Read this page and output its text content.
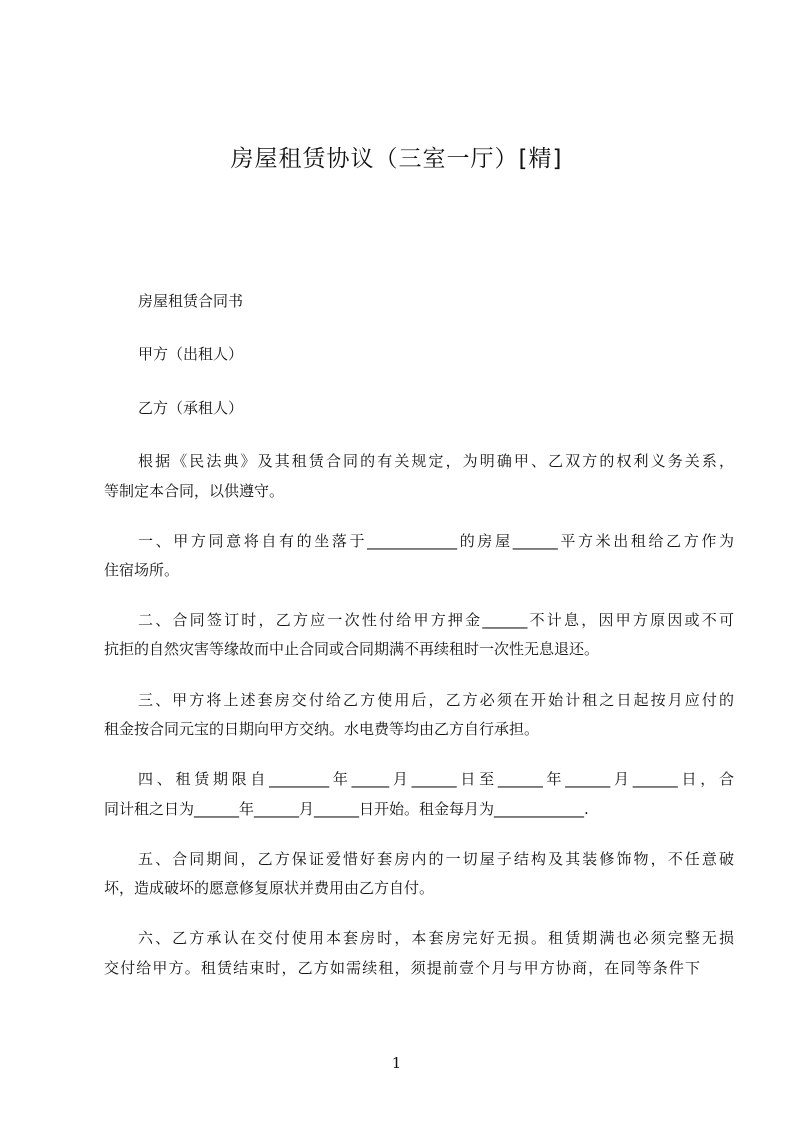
房屋租赁协议（三室一厅）[精]
房屋租赁合同书
甲方（出租人）
乙方（承租人）
根据《民法典》及其租赁合同的有关规定，为明确甲、乙双方的权利义务关系，
等制定本合同，以供遵守。
一、甲方同意将自有的坐落于____________的房屋______平方米出租给乙方作为
住宿场所。
二、合同签订时，乙方应一次性付给甲方押金______不计息，因甲方原因或不可
抗拒的自然灾害等缘故而中止合同或合同期满不再续租时一次性无息退还。
三、甲方将上述套房交付给乙方使用后，乙方必须在开始计租之日起按月应付的
租金按合同元宝的日期向甲方交纳。水电费等均由乙方自行承担。
四、租赁期限自________年_____月______日至______年______月______日，合
同计租之日为______年______月______日开始。租金每月为____________.
五、合同期间，乙方保证爱惜好套房内的一切屋子结构及其装修饰物，不任意破
坏，造成破坏的愿意修复原状并费用由乙方自付。
六、乙方承认在交付使用本套房时，本套房完好无损。租赁期满也必须完整无损
交付给甲方。租赁结束时，乙方如需续租，须提前壹个月与甲方协商，在同等条件下
1
